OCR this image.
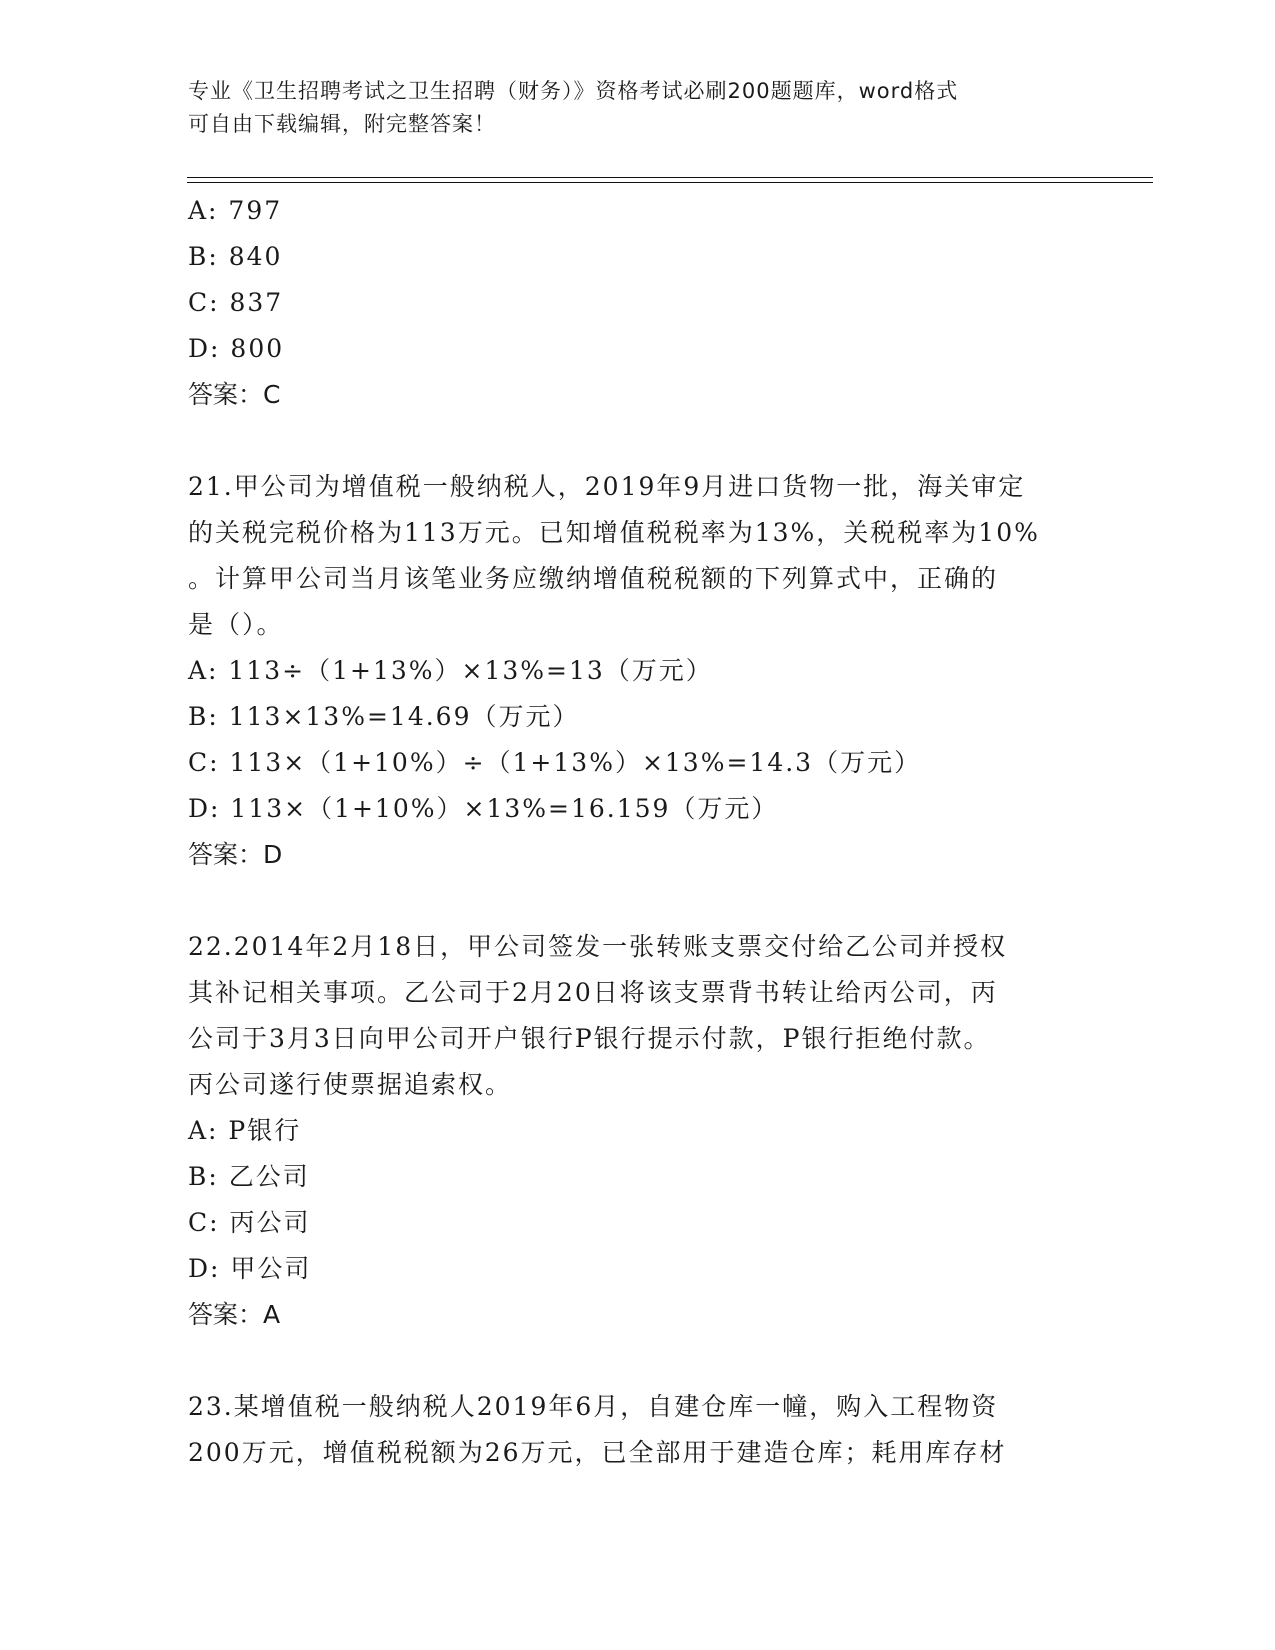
专业《卫生招聘考试之卫生招聘（财务）》资格考试必刷200题题库，word格式
可自由下载编辑，附完整答案！
A: 797
B: 840
C: 837
D: 800
答案：C
21.甲公司为增值税一般纳税人，2019年9月进口货物一批，海关审定
的关税完税价格为113万元。已知增值税税率为13%，关税税率为10%
。计算甲公司当月该笔业务应缴纳增值税税额的下列算式中，正确的
是（）。
A: 113÷（1+13%）×13%=13（万元）
B: 113×13%=14.69（万元）
C: 113×（1+10%）÷（1+13%）×13%=14.3（万元）
D: 113×（1+10%）×13%=16.159（万元）
答案：D
22.2014年2月18日，甲公司签发一张转账支票交付给乙公司并授权
其补记相关事项。乙公司于2月20日将该支票背书转让给丙公司，丙
公司于3月3日向甲公司开户银行P银行提示付款，P银行拒绝付款。
丙公司遂行使票据追索权。
A: P银行
B: 乙公司
C: 丙公司
D: 甲公司
答案：A
23.某增值税一般纳税人2019年6月，自建仓库一幢，购入工程物资
200万元，增值税税额为26万元，已全部用于建造仓库；耗用库存材
